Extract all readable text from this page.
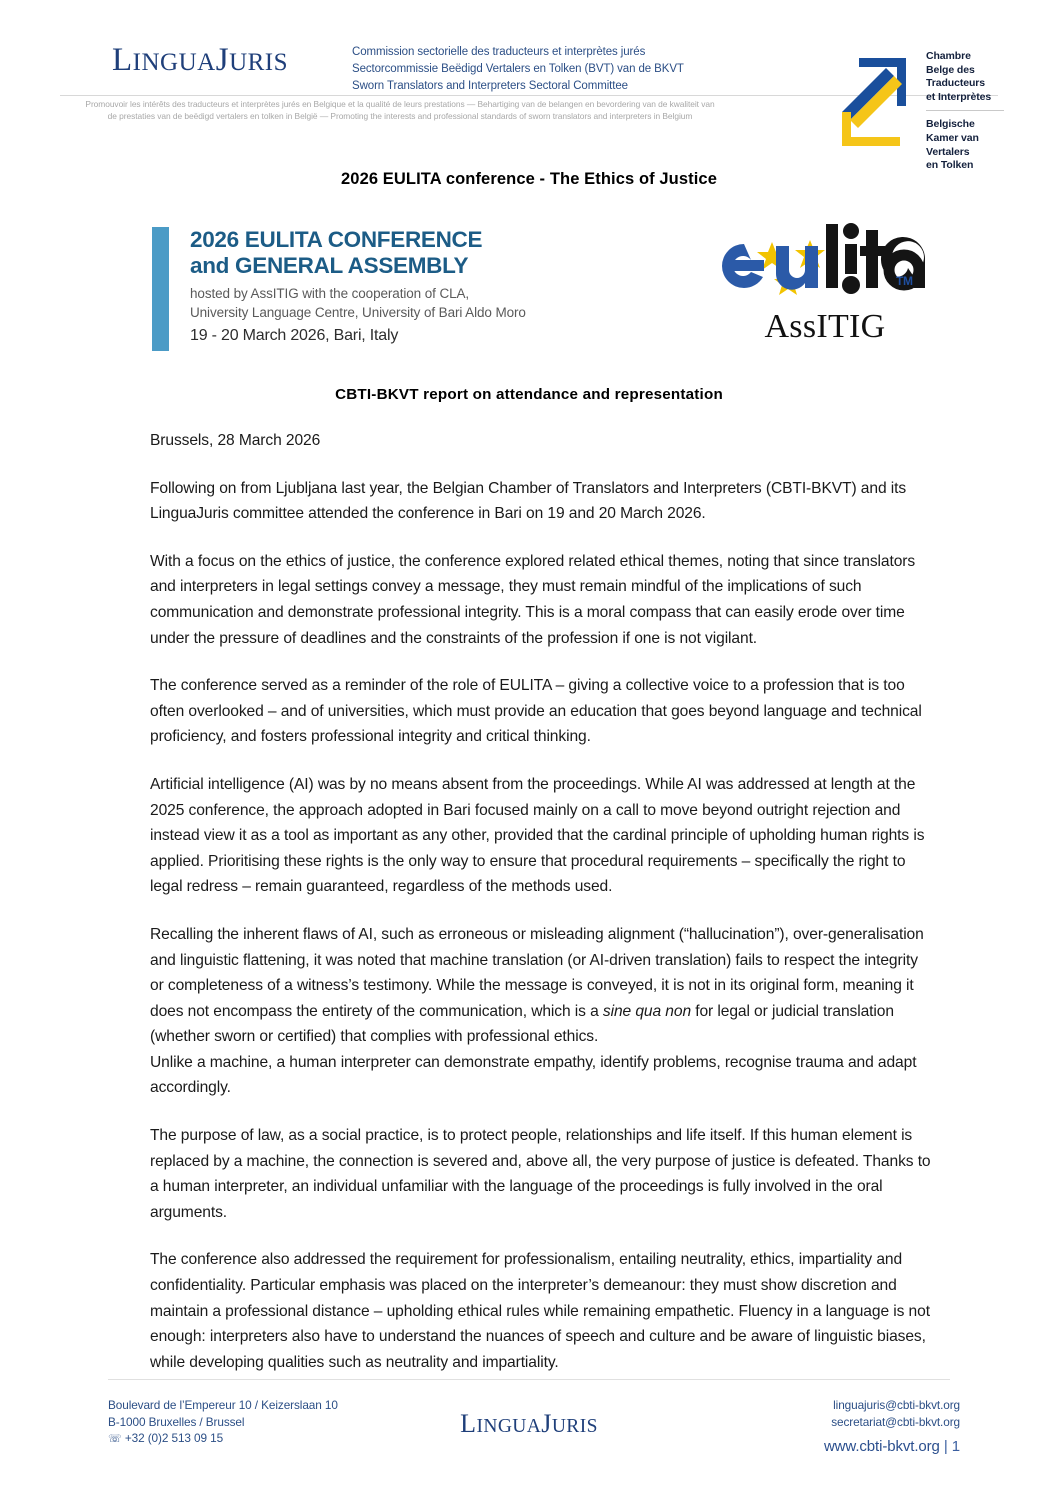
LINGUAJURIS	Commission sectorielle des traducteurs et interprètes jurés
Sectorcommissie Beëdigd Vertalers en Tolken (BVT) van de BKVT
Sworn Translators and Interpreters Sectoral Committee
Promouvoir les intérêts des traducteurs et interprètes jurés en Belgique et la qualité de leurs prestations — Behartiging van de belangen en bevordering van de kwaliteit van
de prestaties van de beëdigd vertalers en tolken in België — Promoting the interests and professional standards of sworn translators and interpreters in Belgium
Chambre
Belge des
Traducteurs
et Interprètes
Belgische
Kamer van
Vertalers
en Tolken
2026 EULITA conference - The Ethics of Justice
2026 EULITA CONFERENCE
and GENERAL ASSEMBLY
hosted by AssITIG with the cooperation of CLA,
University Language Centre, University of Bari Aldo Moro
19 - 20 March 2026, Bari, Italy
TM
AssITIG
CBTI-BKVT report on attendance and representation

Brussels, 28 March 2026

Following on from Ljubljana last year, the Belgian Chamber of Translators and Interpreters (CBTI-BKVT) and its LinguaJuris committee attended the conference in Bari on 19 and 20 March 2026.

With a focus on the ethics of justice, the conference explored related ethical themes, noting that since translators and interpreters in legal settings convey a message, they must remain mindful of the implications of such communication and demonstrate professional integrity. This is a moral compass that can easily erode over time under the pressure of deadlines and the constraints of the profession if one is not vigilant.

The conference served as a reminder of the role of EULITA – giving a collective voice to a profession that is too often overlooked – and of universities, which must provide an education that goes beyond language and technical proficiency, and fosters professional integrity and critical thinking.

Artificial intelligence (AI) was by no means absent from the proceedings. While AI was addressed at length at the 2025 conference, the approach adopted in Bari focused mainly on a call to move beyond outright rejection and instead view it as a tool as important as any other, provided that the cardinal principle of upholding human rights is applied. Prioritising these rights is the only way to ensure that procedural requirements – specifically the right to legal redress – remain guaranteed, regardless of the methods used.

Recalling the inherent flaws of AI, such as erroneous or misleading alignment (“hallucination”), over-generalisation and linguistic flattening, it was noted that machine translation (or AI-driven translation) fails to respect the integrity or completeness of a witness’s testimony. While the message is conveyed, it is not in its original form, meaning it does not encompass the entirety of the communication, which is a sine qua non for legal or judicial translation (whether sworn or certified) that complies with professional ethics.

Unlike a machine, a human interpreter can demonstrate empathy, identify problems, recognise trauma and adapt accordingly.

The purpose of law, as a social practice, is to protect people, relationships and life itself. If this human element is replaced by a machine, the connection is severed and, above all, the very purpose of justice is defeated. Thanks to a human interpreter, an individual unfamiliar with the language of the proceedings is fully involved in the oral arguments.

The conference also addressed the requirement for professionalism, entailing neutrality, ethics, impartiality and confidentiality. Particular emphasis was placed on the interpreter’s demeanour: they must show discretion and maintain a professional distance – upholding ethical rules while remaining empathetic. Fluency in a language is not enough: interpreters also have to understand the nuances of speech and culture and be aware of linguistic biases, while developing qualities such as neutrality and impartiality.

Boulevard de l’Empereur 10 / Keizerslaan 10
B-1000 Bruxelles / Brussel
☏ +32 (0)2 513 09 15	LINGUAJURIS
linguajuris@cbti-bkvt.org
secretariat@cbti-bkvt.org
www.cbti-bkvt.org | 1
